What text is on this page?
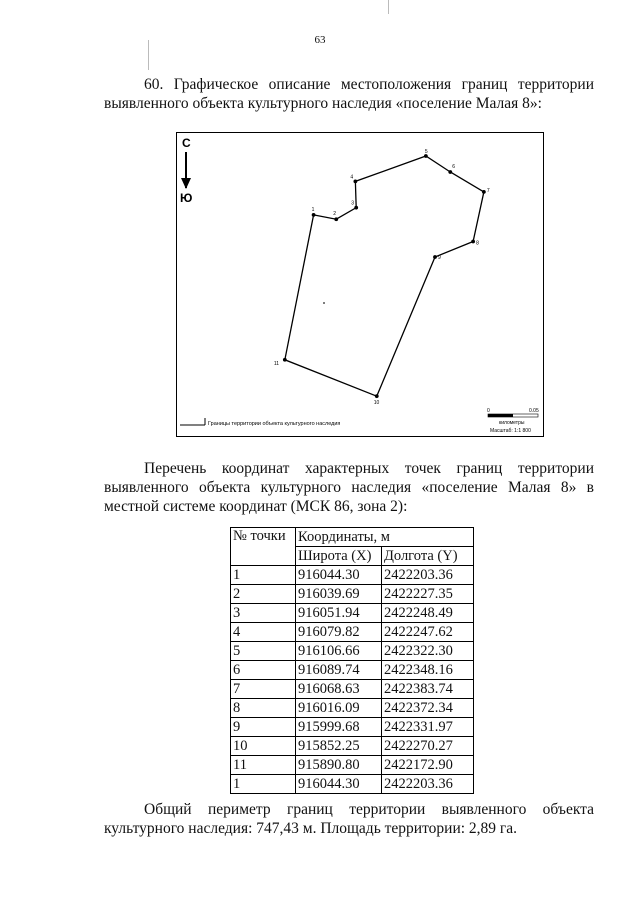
63
60. Графическое описание местоположения границ территории
выявленного объекта культурного наследия «поселение Малая 8»:
С
Ю
1
2
3
4
5
6
7
8
9
10
11
Границы территории объекта культурного наследия
0	0.05
километры
Масштаб: 1:1 800
Перечень координат характерных точек границ территории
выявленного объекта культурного наследия «поселение Малая 8» в
местной системе координат (МСК 86, зона 2):
№ точки	Координаты, м	
	Широта (X)	Долгота (Y)
1	916044.30	2422203.36
2	916039.69	2422227.35
3	916051.94	2422248.49
4	916079.82	2422247.62
5	916106.66	2422322.30
6	916089.74	2422348.16
7	916068.63	2422383.74
8	916016.09	2422372.34
9	915999.68	2422331.97
10	915852.25	2422270.27
11	915890.80	2422172.90
1	916044.30	2422203.36
Общий периметр границ территории выявленного объекта
культурного наследия: 747,43 м. Площадь территории: 2,89 га.
